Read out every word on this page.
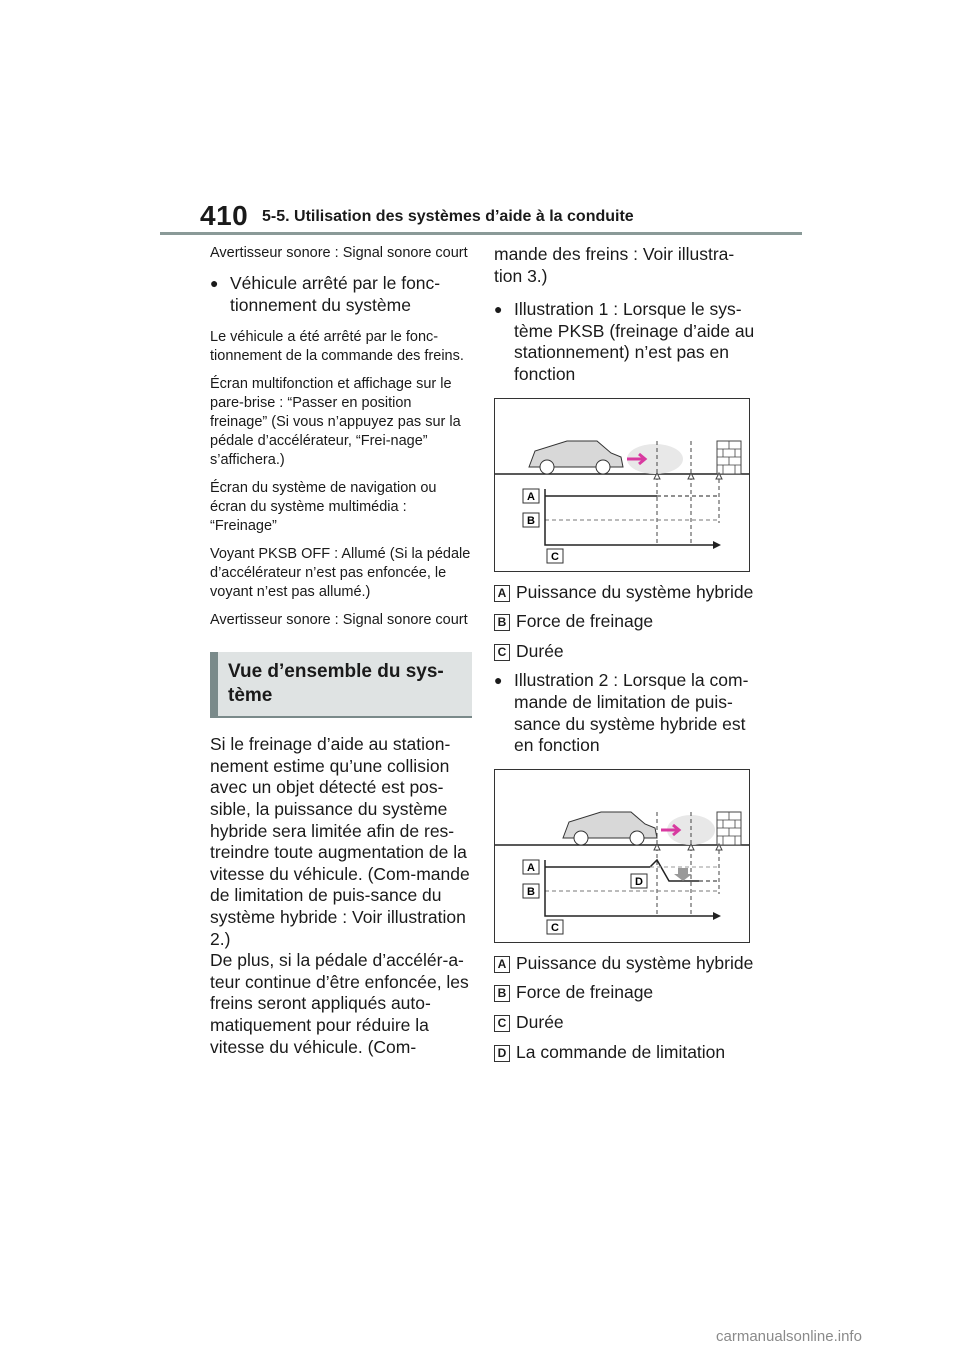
410 5-5. Utilisation des systèmes d’aide à la conduite

Avertisseur sonore : Signal sonore court

● Véhicule arrêté par le fonc-tionnement du système

Le véhicule a été arrêté par le fonc-tionnement de la commande des freins.

Écran multifonction et affichage sur le pare-brise : “Passer en position freinage” (Si vous n’appuyez pas sur la pédale d’accélérateur, “Frei-nage” s’affichera.)

Écran du système de navigation ou écran du système multimédia : “Freinage”

Voyant PKSB OFF : Allumé (Si la pédale d’accélérateur n’est pas enfoncée, le voyant n’est pas allumé.)

Avertisseur sonore : Signal sonore court

Vue d’ensemble du sys-tème

Si le freinage d’aide au station-nement estime qu’une collision avec un objet détecté est pos-sible, la puissance du système hybride sera limitée afin de res-treindre toute augmentation de la vitesse du véhicule. (Com-mande de limitation de puis-sance du système hybride : Voir illustration 2.)

De plus, si la pédale d’accélér-a-teur continue d’être enfoncée, les freins seront appliqués auto-matiquement pour réduire la vitesse du véhicule. (Com-

mande des freins : Voir illustra-tion 3.)

● Illustration 1 : Lorsque le sys-tème PKSB (freinage d’aide au stationnement) n’est pas en fonction
A
B
C
A Puissance du système hybride
B Force de freinage
C Durée
● Illustration 2 : Lorsque la com-mande de limitation de puis-sance du système hybride est en fonction
A
B
C
D
A Puissance du système hybride
B Force de freinage
C Durée
D La commande de limitation
carmanualsonline.info
